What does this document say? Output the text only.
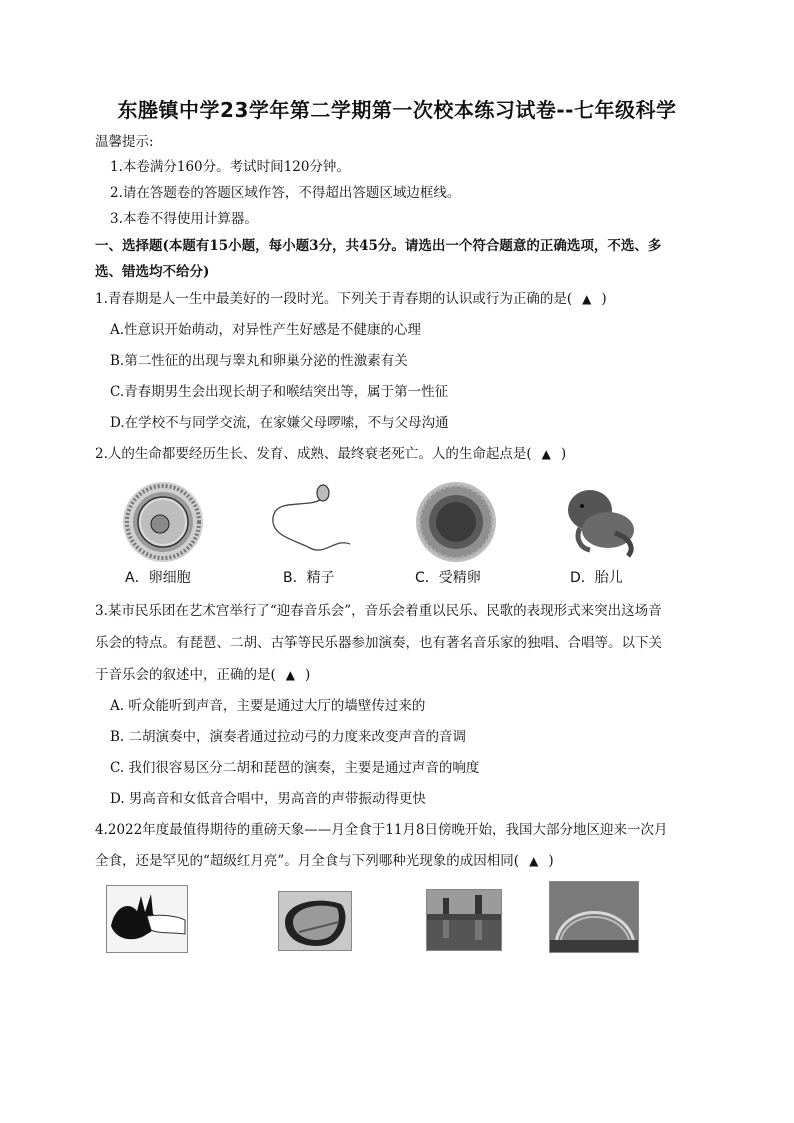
东塍镇中学23学年第二学期第一次校本练习试卷--七年级科学
温馨提示:
1.本卷满分160分。考试时间120分钟。
2.请在答题卷的答题区域作答，不得超出答题区域边框线。
3.本卷不得使用计算器。
一、选择题(本题有15小题，每小题3分，共45分。请选出一个符合题意的正确选项，不选、多
选、错选均不给分)
1.青春期是人一生中最美好的一段时光。下列关于青春期的认识或行为正确的是( ▲ )
A.性意识开始萌动，对异性产生好感是不健康的心理
B.第二性征的出现与睾丸和卵巢分泌的性激素有关
C.青春期男生会出现长胡子和喉结突出等，属于第一性征
D.在学校不与同学交流，在家嫌父母啰嗦，不与父母沟通
2.人的生命都要经历生长、发育、成熟、最终衰老死亡。人的生命起点是( ▲ )
A．卵细胞	B．精子	C．受精卵	D．胎儿
3.某市民乐团在艺术宫举行了“迎春音乐会”，音乐会着重以民乐、民歌的表现形式来突出这场音
乐会的特点。有琵琶、二胡、古筝等民乐器参加演奏，也有著名音乐家的独唱、合唱等。以下关
于音乐会的叙述中，正确的是( ▲ )
A. 听众能听到声音，主要是通过大厅的墙壁传过来的
B. 二胡演奏中，演奏者通过拉动弓的力度来改变声音的音调
C. 我们很容易区分二胡和琵琶的演奏，主要是通过声音的响度
D. 男高音和女低音合唱中，男高音的声带振动得更快
4.2022年度最值得期待的重磅天象——月全食于11月8日傍晚开始，我国大部分地区迎来一次月
全食，还是罕见的“超级红月亮”。月全食与下列哪种光现象的成因相同( ▲ )
